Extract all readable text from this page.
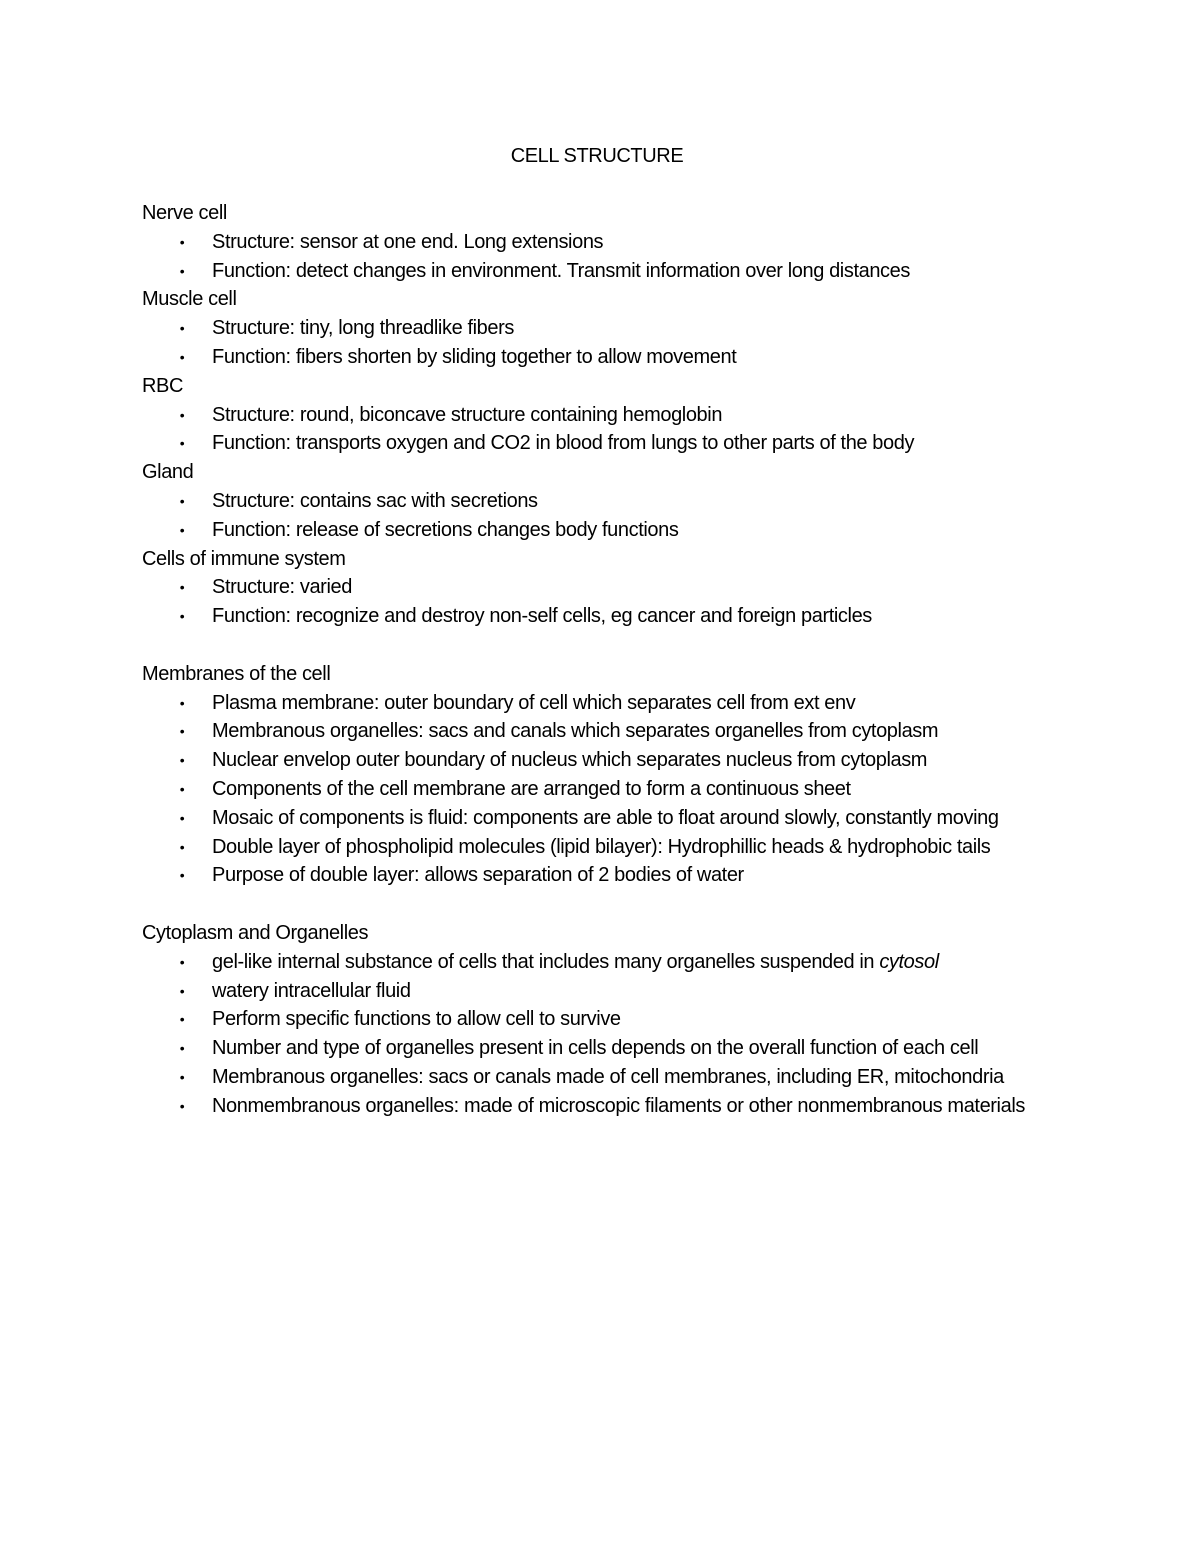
CELL STRUCTURE
Nerve cell
• Structure: sensor at one end. Long extensions
• Function: detect changes in environment. Transmit information over long distances
Muscle cell
• Structure: tiny, long threadlike fibers
• Function: fibers shorten by sliding together to allow movement
RBC
• Structure: round, biconcave structure containing hemoglobin
• Function: transports oxygen and CO2 in blood from lungs to other parts of the body
Gland
• Structure: contains sac with secretions
• Function: release of secretions changes body functions
Cells of immune system
• Structure: varied
• Function: recognize and destroy non-self cells, eg cancer and foreign particles
Membranes of the cell
• Plasma membrane: outer boundary of cell which separates cell from ext env
• Membranous organelles: sacs and canals which separates organelles from cytoplasm
• Nuclear envelop outer boundary of nucleus which separates nucleus from cytoplasm
• Components of the cell membrane are arranged to form a continuous sheet
• Mosaic of components is fluid: components are able to float around slowly, constantly moving
• Double layer of phospholipid molecules (lipid bilayer): Hydrophillic heads & hydrophobic tails
• Purpose of double layer: allows separation of 2 bodies of water
Cytoplasm and Organelles
• gel-like internal substance of cells that includes many organelles suspended in cytosol
• watery intracellular fluid
• Perform specific functions to allow cell to survive
• Number and type of organelles present in cells depends on the overall function of each cell
• Membranous organelles: sacs or canals made of cell membranes, including ER, mitochondria
• Nonmembranous organelles: made of microscopic filaments or other nonmembranous materials
